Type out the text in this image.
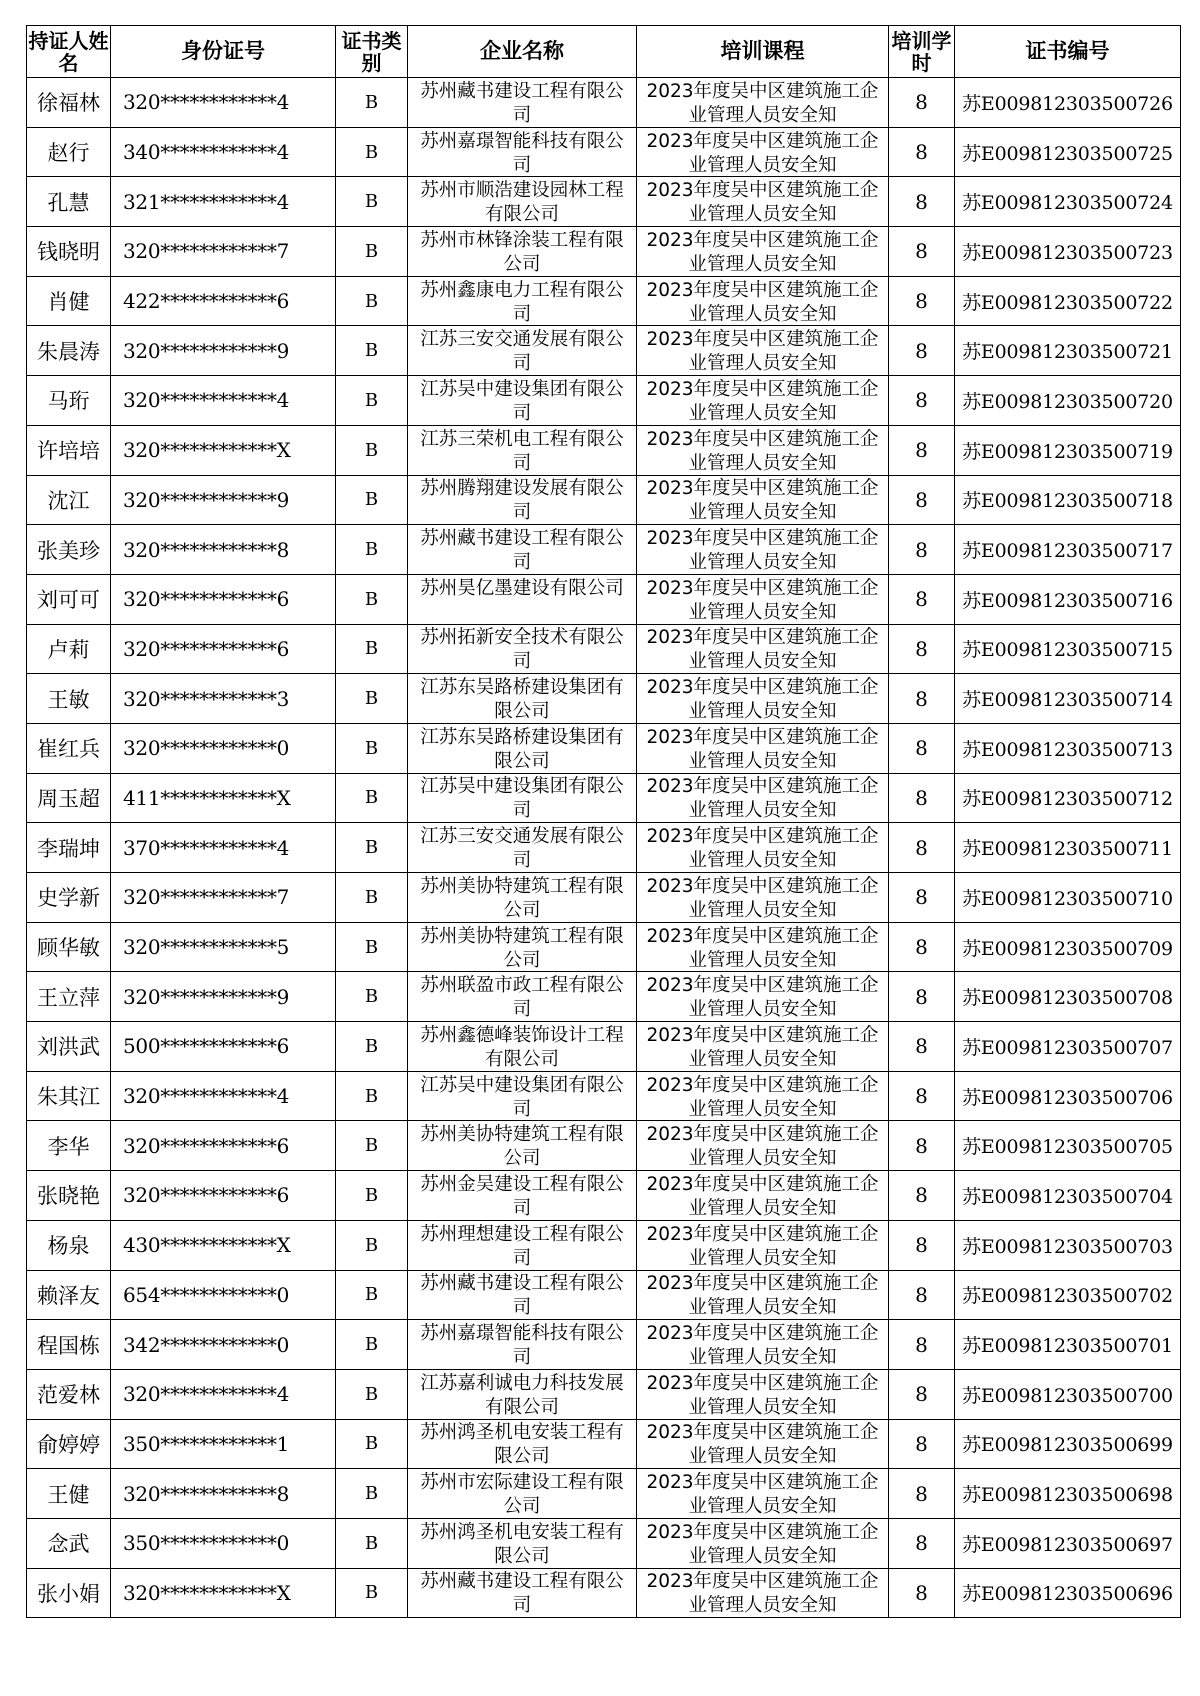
持证人姓名	身份证号	证书类别	企业名称	培训课程	培训学时	证书编号
徐福林	320************4	B	苏州藏书建设工程有限公司	2023年度吴中区建筑施工企业管理人员安全知	8	苏E009812303500726
赵行	340************4	B	苏州嘉璟智能科技有限公司	2023年度吴中区建筑施工企业管理人员安全知	8	苏E009812303500725
孔慧	321************4	B	苏州市顺浩建设园林工程有限公司	2023年度吴中区建筑施工企业管理人员安全知	8	苏E009812303500724
钱晓明	320************7	B	苏州市林锋涂装工程有限公司	2023年度吴中区建筑施工企业管理人员安全知	8	苏E009812303500723
肖健	422************6	B	苏州鑫康电力工程有限公司	2023年度吴中区建筑施工企业管理人员安全知	8	苏E009812303500722
朱晨涛	320************9	B	江苏三安交通发展有限公司	2023年度吴中区建筑施工企业管理人员安全知	8	苏E009812303500721
马珩	320************4	B	江苏吴中建设集团有限公司	2023年度吴中区建筑施工企业管理人员安全知	8	苏E009812303500720
许培培	320************X	B	江苏三荣机电工程有限公司	2023年度吴中区建筑施工企业管理人员安全知	8	苏E009812303500719
沈江	320************9	B	苏州腾翔建设发展有限公司	2023年度吴中区建筑施工企业管理人员安全知	8	苏E009812303500718
张美珍	320************8	B	苏州藏书建设工程有限公司	2023年度吴中区建筑施工企业管理人员安全知	8	苏E009812303500717
刘可可	320************6	B	苏州昊亿墨建设有限公司	2023年度吴中区建筑施工企业管理人员安全知	8	苏E009812303500716
卢莉	320************6	B	苏州拓新安全技术有限公司	2023年度吴中区建筑施工企业管理人员安全知	8	苏E009812303500715
王敏	320************3	B	江苏东吴路桥建设集团有限公司	2023年度吴中区建筑施工企业管理人员安全知	8	苏E009812303500714
崔红兵	320************0	B	江苏东吴路桥建设集团有限公司	2023年度吴中区建筑施工企业管理人员安全知	8	苏E009812303500713
周玉超	411************X	B	江苏吴中建设集团有限公司	2023年度吴中区建筑施工企业管理人员安全知	8	苏E009812303500712
李瑞坤	370************4	B	江苏三安交通发展有限公司	2023年度吴中区建筑施工企业管理人员安全知	8	苏E009812303500711
史学新	320************7	B	苏州美协特建筑工程有限公司	2023年度吴中区建筑施工企业管理人员安全知	8	苏E009812303500710
顾华敏	320************5	B	苏州美协特建筑工程有限公司	2023年度吴中区建筑施工企业管理人员安全知	8	苏E009812303500709
王立萍	320************9	B	苏州联盈市政工程有限公司	2023年度吴中区建筑施工企业管理人员安全知	8	苏E009812303500708
刘洪武	500************6	B	苏州鑫德峰装饰设计工程有限公司	2023年度吴中区建筑施工企业管理人员安全知	8	苏E009812303500707
朱其江	320************4	B	江苏吴中建设集团有限公司	2023年度吴中区建筑施工企业管理人员安全知	8	苏E009812303500706
李华	320************6	B	苏州美协特建筑工程有限公司	2023年度吴中区建筑施工企业管理人员安全知	8	苏E009812303500705
张晓艳	320************6	B	苏州金吴建设工程有限公司	2023年度吴中区建筑施工企业管理人员安全知	8	苏E009812303500704
杨泉	430************X	B	苏州理想建设工程有限公司	2023年度吴中区建筑施工企业管理人员安全知	8	苏E009812303500703
赖泽友	654************0	B	苏州藏书建设工程有限公司	2023年度吴中区建筑施工企业管理人员安全知	8	苏E009812303500702
程国栋	342************0	B	苏州嘉璟智能科技有限公司	2023年度吴中区建筑施工企业管理人员安全知	8	苏E009812303500701
范爱林	320************4	B	江苏嘉利诚电力科技发展有限公司	2023年度吴中区建筑施工企业管理人员安全知	8	苏E009812303500700
俞婷婷	350************1	B	苏州鸿圣机电安装工程有限公司	2023年度吴中区建筑施工企业管理人员安全知	8	苏E009812303500699
王健	320************8	B	苏州市宏际建设工程有限公司	2023年度吴中区建筑施工企业管理人员安全知	8	苏E009812303500698
念武	350************0	B	苏州鸿圣机电安装工程有限公司	2023年度吴中区建筑施工企业管理人员安全知	8	苏E009812303500697
张小娟	320************X	B	苏州藏书建设工程有限公司	2023年度吴中区建筑施工企业管理人员安全知	8	苏E009812303500696
